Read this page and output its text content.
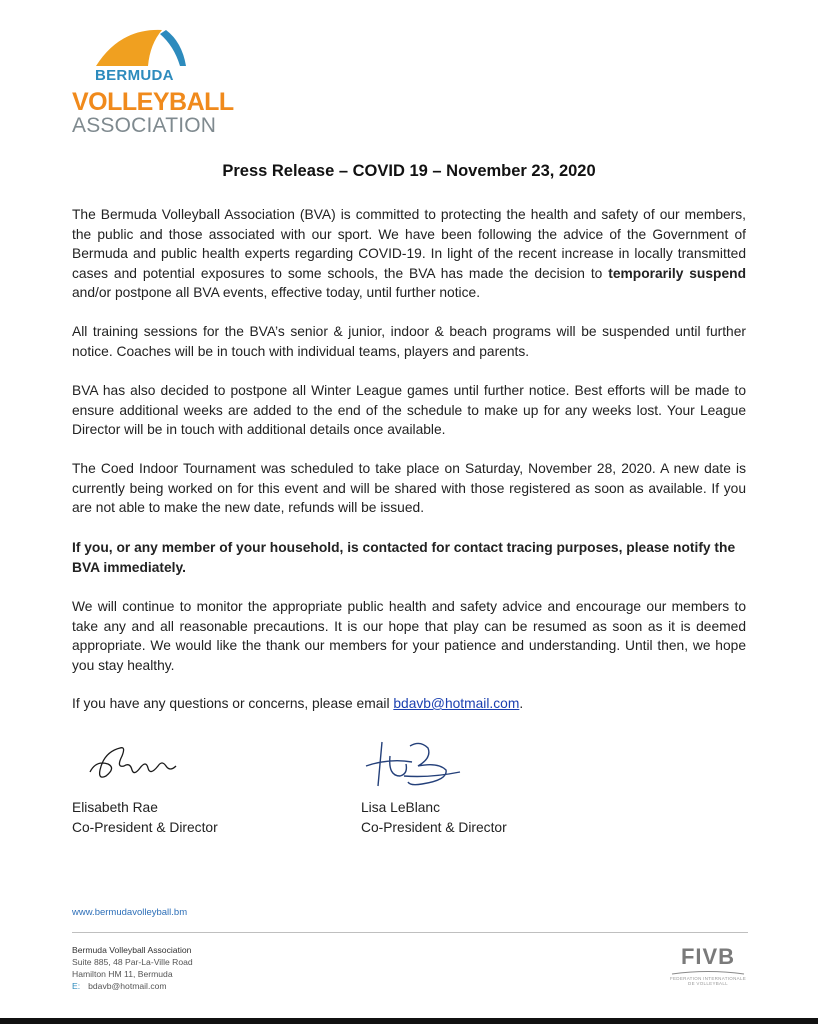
BERMUDA
VOLLEYBALL
ASSOCIATION
Press Release – COVID 19 – November 23, 2020

The Bermuda Volleyball Association (BVA) is committed to protecting the health and safety of our members, the public and those associated with our sport. We have been following the advice of the Government of Bermuda and public health experts regarding COVID-19. In light of the recent increase in locally transmitted cases and potential exposures to some schools, the BVA has made the decision to temporarily suspend and/or postpone all BVA events, effective today, until further notice.

All training sessions for the BVA’s senior & junior, indoor & beach programs will be suspended until further notice. Coaches will be in touch with individual teams, players and parents.

BVA has also decided to postpone all Winter League games until further notice. Best efforts will be made to ensure additional weeks are added to the end of the schedule to make up for any weeks lost. Your League Director will be in touch with additional details once available.

The Coed Indoor Tournament was scheduled to take place on Saturday, November 28, 2020. A new date is currently being worked on for this event and will be shared with those registered as soon as available. If you are not able to make the new date, refunds will be issued.

If you, or any member of your household, is contacted for contact tracing purposes, please notify the BVA immediately.

We will continue to monitor the appropriate public health and safety advice and encourage our members to take any and all reasonable precautions. It is our hope that play can be resumed as soon as it is deemed appropriate. We would like the thank our members for your patience and understanding. Until then, we hope you stay healthy.

If you have any questions or concerns, please email bdavb@hotmail.com.

Elisabeth Rae
Co-President & Director
Lisa LeBlanc
Co-President & Director
www.bermudavolleyball.bm
Bermuda Volleyball Association
Suite 885, 48 Par-La-Ville Road
Hamilton HM 11, Bermuda
E: bdavb@hotmail.com
FIVB
FEDERATION INTERNATIONALE DE VOLLEYBALL
